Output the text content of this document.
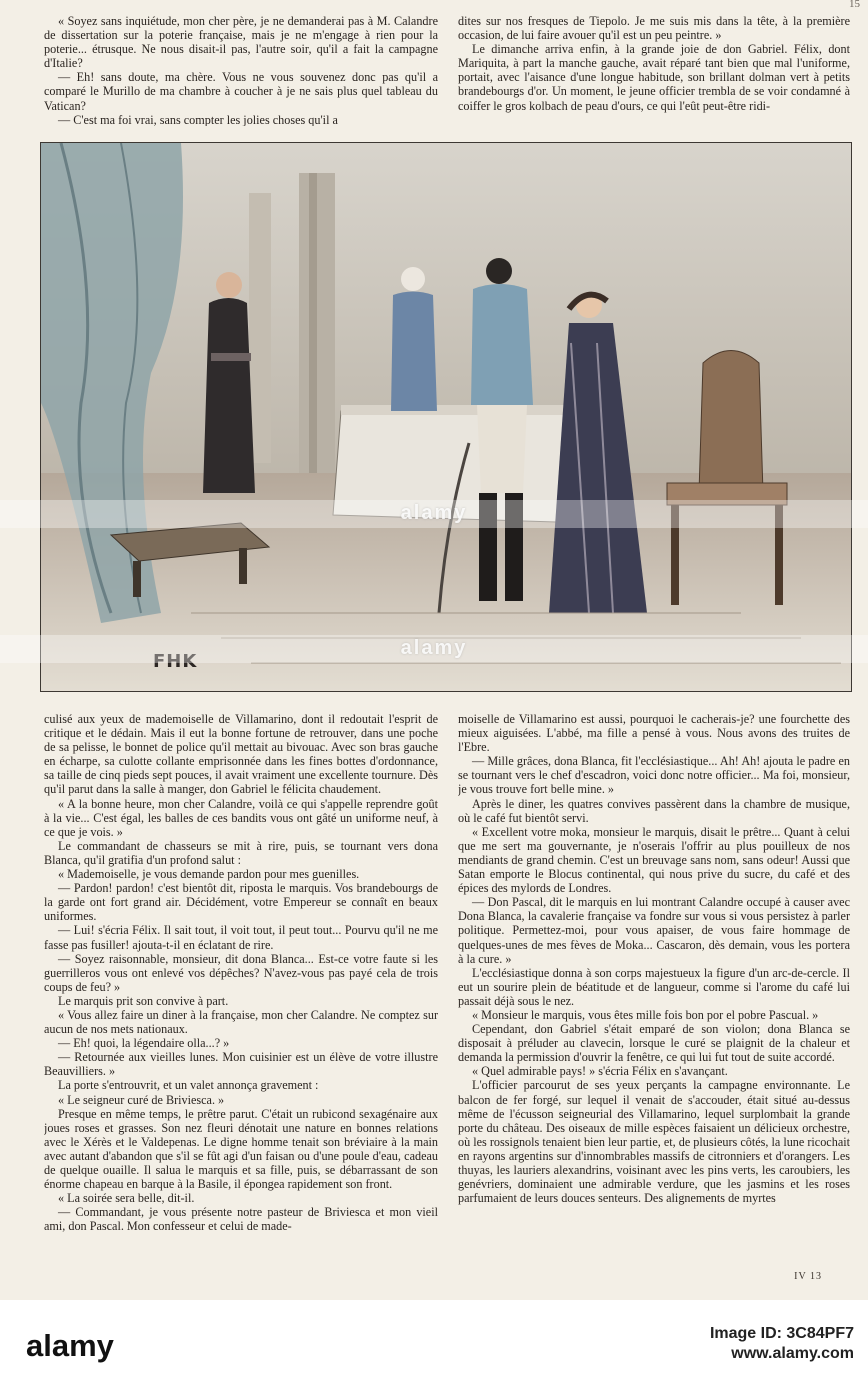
15

« Soyez sans inquiétude, mon cher père, je ne demanderai pas à M. Calandre de dissertation sur la poterie française, mais je ne m'engage à rien pour la poterie... étrusque. Ne nous disait-il pas, l'autre soir, qu'il a fait la campagne d'Italie?

— Eh! sans doute, ma chère. Vous ne vous souvenez donc pas qu'il a comparé le Murillo de ma chambre à coucher à je ne sais plus quel tableau du Vatican?

— C'est ma foi vrai, sans compter les jolies choses qu'il a

dites sur nos fresques de Tiepolo. Je me suis mis dans la tête, à la première occasion, de lui faire avouer qu'il est un peu peintre. »

Le dimanche arriva enfin, à la grande joie de don Gabriel. Félix, dont Mariquita, à part la manche gauche, avait réparé tant bien que mal l'uniforme, portait, avec l'aisance d'une longue habitude, son brillant dolman vert à petits brandebourgs d'or. Un moment, le jeune officier trembla de se voir condamné à coiffer le gros kolbach de peau d'ours, ce qui l'eût peut-être ridi-

FHK

culisé aux yeux de mademoiselle de Villamarino, dont il redoutait l'esprit de critique et le dédain. Mais il eut la bonne fortune de retrouver, dans une poche de sa pelisse, le bonnet de police qu'il mettait au bivouac. Avec son bras gauche en écharpe, sa culotte collante emprisonnée dans les fines bottes d'ordonnance, sa taille de cinq pieds sept pouces, il avait vraiment une excellente tournure. Dès qu'il parut dans la salle à manger, don Gabriel le félicita chaudement.

« A la bonne heure, mon cher Calandre, voilà ce qui s'appelle reprendre goût à la vie... C'est égal, les balles de ces bandits vous ont gâté un uniforme neuf, à ce que je vois. »

Le commandant de chasseurs se mit à rire, puis, se tournant vers dona Blanca, qu'il gratifia d'un profond salut :

« Mademoiselle, je vous demande pardon pour mes guenilles.

— Pardon! pardon! c'est bientôt dit, riposta le marquis. Vos brandebourgs de la garde ont fort grand air. Décidément, votre Empereur se connaît en beaux uniformes.

— Lui! s'écria Félix. Il sait tout, il voit tout, il peut tout... Pourvu qu'il ne me fasse pas fusiller! ajouta-t-il en éclatant de rire.

— Soyez raisonnable, monsieur, dit dona Blanca... Est-ce votre faute si les guerrilleros vous ont enlevé vos dépêches? N'avez-vous pas payé cela de trois coups de feu? »

Le marquis prit son convive à part.

« Vous allez faire un diner à la française, mon cher Calandre. Ne comptez sur aucun de nos mets nationaux.

— Eh! quoi, la légendaire olla...? »

— Retournée aux vieilles lunes. Mon cuisinier est un élève de votre illustre Beauvilliers. »

La porte s'entrouvrit, et un valet annonça gravement :

« Le seigneur curé de Briviesca. »

Presque en même temps, le prêtre parut. C'était un rubicond sexagénaire aux joues roses et grasses. Son nez fleuri dénotait une nature en bonnes relations avec le Xérès et le Valdepenas. Le digne homme tenait son bréviaire à la main avec autant d'abandon que s'il se fût agi d'un faisan ou d'une poule d'eau, cadeau de quelque ouaille. Il salua le marquis et sa fille, puis, se débarrassant de son énorme chapeau en barque à la Basile, il épongea rapidement son front.

« La soirée sera belle, dit-il.

— Commandant, je vous présente notre pasteur de Briviesca et mon vieil ami, don Pascal. Mon confesseur et celui de made-

moiselle de Villamarino est aussi, pourquoi le cacherais-je? une fourchette des mieux aiguisées. L'abbé, ma fille a pensé à vous. Nous avons des truites de l'Ebre.

— Mille grâces, dona Blanca, fit l'ecclésiastique... Ah! Ah! ajouta le padre en se tournant vers le chef d'escadron, voici donc notre officier... Ma foi, monsieur, je vous trouve fort belle mine. »

Après le diner, les quatres convives passèrent dans la chambre de musique, où le café fut bientôt servi.

« Excellent votre moka, monsieur le marquis, disait le prêtre... Quant à celui que me sert ma gouvernante, je n'oserais l'offrir au plus pouilleux de nos mendiants de grand chemin. C'est un breuvage sans nom, sans odeur! Aussi que Satan emporte le Blocus continental, qui nous prive du sucre, du café et des épices des mylords de Londres.

— Don Pascal, dit le marquis en lui montrant Calandre occupé à causer avec Dona Blanca, la cavalerie française va fondre sur vous si vous persistez à parler politique. Permettez-moi, pour vous apaiser, de vous faire hommage de quelques-unes de mes fèves de Moka... Cascaron, dès demain, vous les portera à la cure. »

L'ecclésiastique donna à son corps majestueux la figure d'un arc-de-cercle. Il eut un sourire plein de béatitude et de langueur, comme si l'arome du café lui passait déjà sous le nez.

« Monsieur le marquis, vous êtes mille fois bon por el pobre Pascual. »

Cependant, don Gabriel s'était emparé de son violon; dona Blanca se disposait à préluder au clavecin, lorsque le curé se plaignit de la chaleur et demanda la permission d'ouvrir la fenêtre, ce qui lui fut tout de suite accordé.

« Quel admirable pays! » s'écria Félix en s'avançant.

L'officier parcourut de ses yeux perçants la campagne environnante. Le balcon de fer forgé, sur lequel il venait de s'accouder, était situé au-dessus même de l'écusson seigneurial des Villamarino, lequel surplombait la grande porte du château. Des oiseaux de mille espèces faisaient un délicieux orchestre, où les rossignols tenaient bien leur partie, et, de plusieurs côtés, la lune ricochait en rayons argentins sur d'innombrables massifs de citronniers et d'orangers. Les thuyas, les lauriers alexandrins, voisinant avec les pins verts, les caroubiers, les genévriers, dominaient une admirable verdure, que les jasmins et les roses parfumaient de leurs douces senteurs. Des alignements de myrtes

IV 13
alamy
alamy
alamy	Image ID: 3C84PF7
www.alamy.com
